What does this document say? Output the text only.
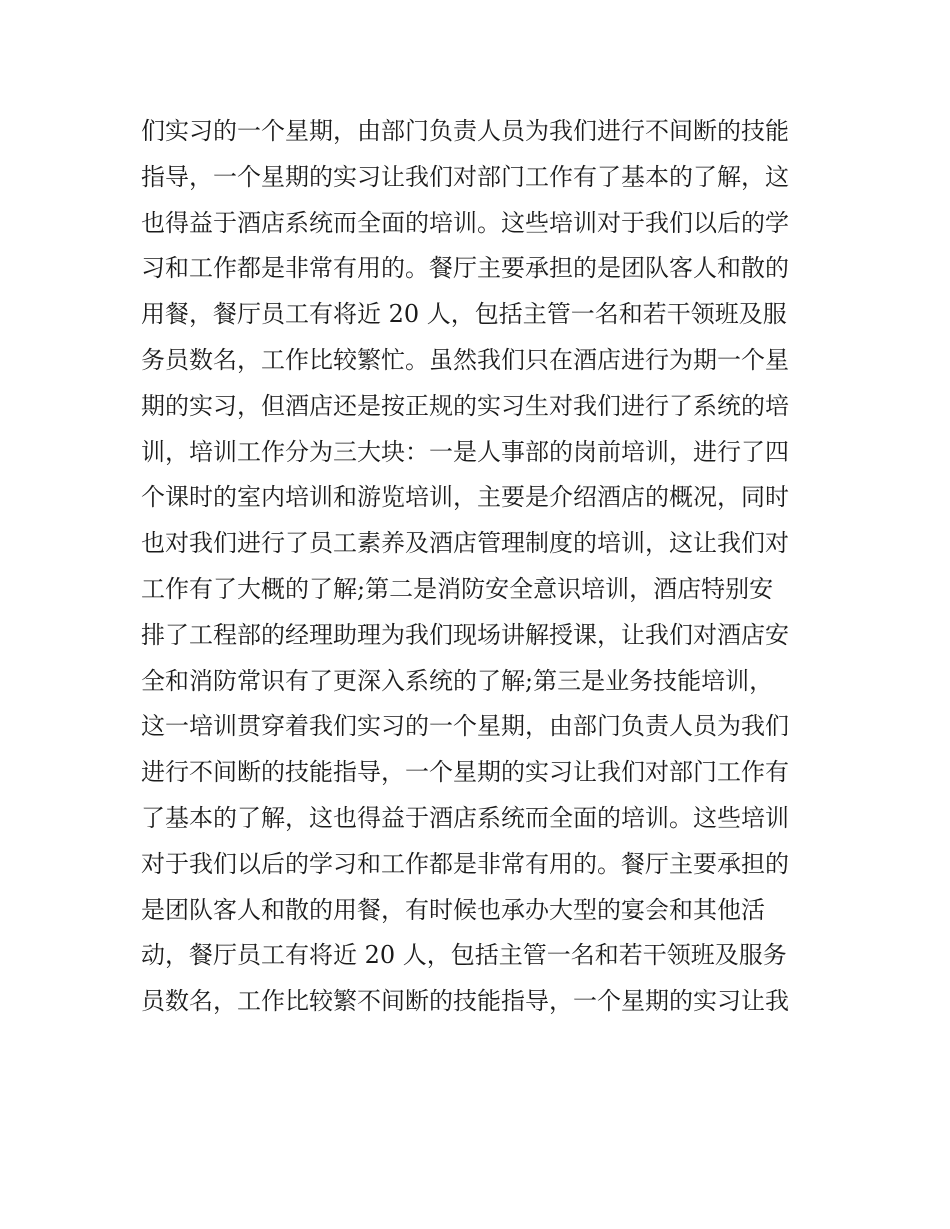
们实习的一个星期，由部门负责人员为我们进行不间断的技能
指导，一个星期的实习让我们对部门工作有了基本的了解，这
也得益于酒店系统而全面的培训。这些培训对于我们以后的学
习和工作都是非常有用的。餐厅主要承担的是团队客人和散的
用餐，餐厅员工有将近 20 人，包括主管一名和若干领班及服
务员数名，工作比较繁忙。虽然我们只在酒店进行为期一个星
期的实习，但酒店还是按正规的实习生对我们进行了系统的培
训，培训工作分为三大块：一是人事部的岗前培训，进行了四
个课时的室内培训和游览培训，主要是介绍酒店的概况，同时
也对我们进行了员工素养及酒店管理制度的培训，这让我们对
工作有了大概的了解;第二是消防安全意识培训，酒店特别安
排了工程部的经理助理为我们现场讲解授课，让我们对酒店安
全和消防常识有了更深入系统的了解;第三是业务技能培训，
这一培训贯穿着我们实习的一个星期，由部门负责人员为我们
进行不间断的技能指导，一个星期的实习让我们对部门工作有
了基本的了解，这也得益于酒店系统而全面的培训。这些培训
对于我们以后的学习和工作都是非常有用的。餐厅主要承担的
是团队客人和散的用餐，有时候也承办大型的宴会和其他活
动，餐厅员工有将近 20 人，包括主管一名和若干领班及服务
员数名，工作比较繁不间断的技能指导，一个星期的实习让我
